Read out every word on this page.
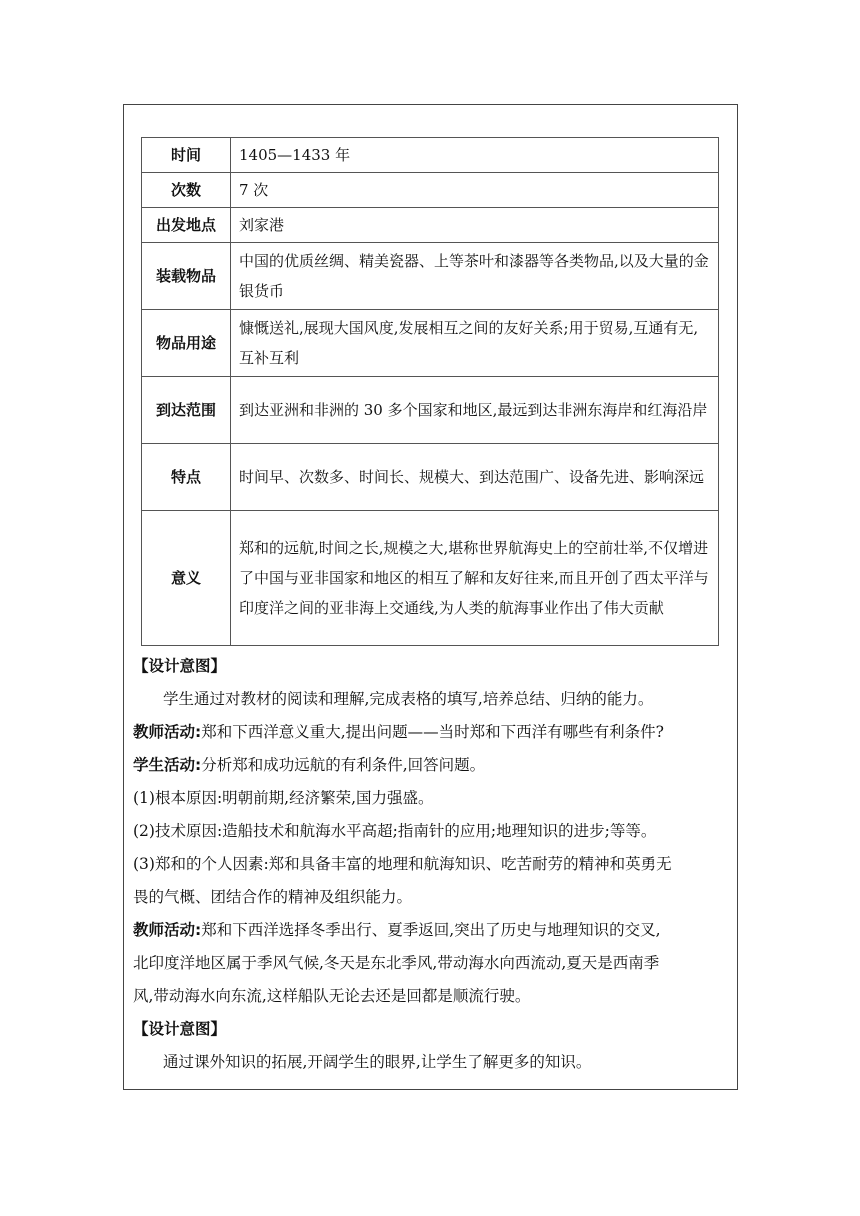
时间	1405—1433 年
次数	7 次
出发地点	刘家港
装载物品	中国的优质丝绸、精美瓷器、上等茶叶和漆器等各类物品,以及大量的金银货币
物品用途	慷慨送礼,展现大国风度,发展相互之间的友好关系;用于贸易,互通有无,互补互利
到达范围	到达亚洲和非洲的 30 多个国家和地区,最远到达非洲东海岸和红海沿岸
特点	时间早、次数多、时间长、规模大、到达范围广、设备先进、影响深远
意义	郑和的远航,时间之长,规模之大,堪称世界航海史上的空前壮举,不仅增进了中国与亚非国家和地区的相互了解和友好往来,而且开创了西太平洋与印度洋之间的亚非海上交通线,为人类的航海事业作出了伟大贡献
【设计意图】
学生通过对教材的阅读和理解,完成表格的填写,培养总结、归纳的能力。
教师活动:郑和下西洋意义重大,提出问题——当时郑和下西洋有哪些有利条件?
学生活动:分析郑和成功远航的有利条件,回答问题。
(1)根本原因:明朝前期,经济繁荣,国力强盛。
(2)技术原因:造船技术和航海水平高超;指南针的应用;地理知识的进步;等等。
(3)郑和的个人因素:郑和具备丰富的地理和航海知识、吃苦耐劳的精神和英勇无
畏的气概、团结合作的精神及组织能力。
教师活动:郑和下西洋选择冬季出行、夏季返回,突出了历史与地理知识的交叉,
北印度洋地区属于季风气候,冬天是东北季风,带动海水向西流动,夏天是西南季
风,带动海水向东流,这样船队无论去还是回都是顺流行驶。
【设计意图】
通过课外知识的拓展,开阔学生的眼界,让学生了解更多的知识。
